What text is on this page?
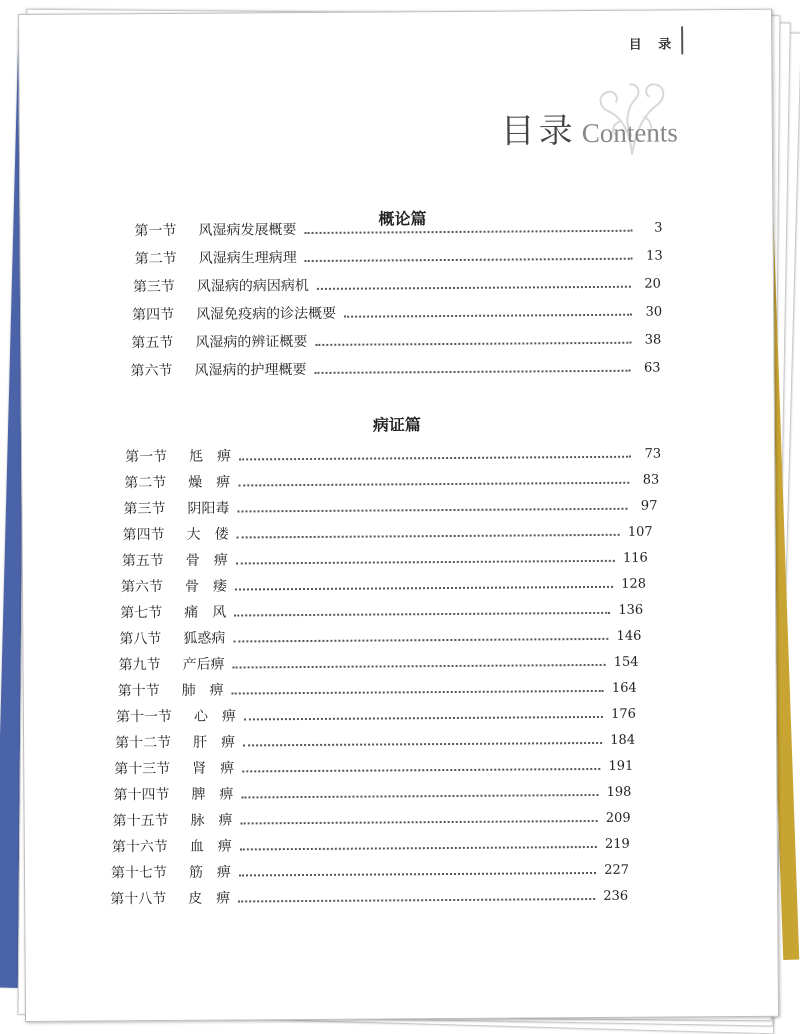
目 录
目录 Contents
概论篇
第一节 风湿病发展概要	3
第二节 风湿病生理病理	13
第三节 风湿病的病因病机	20
第四节 风湿免疫病的诊法概要	30
第五节 风湿病的辨证概要	38
第六节 风湿病的护理概要	63
病证篇
第一节 尪　痹	73
第二节 燥　痹	83
第三节 阴阳毒	97
第四节 大　偻	107
第五节 骨　痹	116
第六节 骨　痿	128
第七节 痛　风	136
第八节 狐惑病	146
第九节 产后痹	154
第十节 肺　痹	164
第十一节 心　痹	176
第十二节 肝　痹	184
第十三节 肾　痹	191
第十四节 脾　痹	198
第十五节 脉　痹	209
第十六节 血　痹	219
第十七节 筋　痹	227
第十八节 皮　痹	236
